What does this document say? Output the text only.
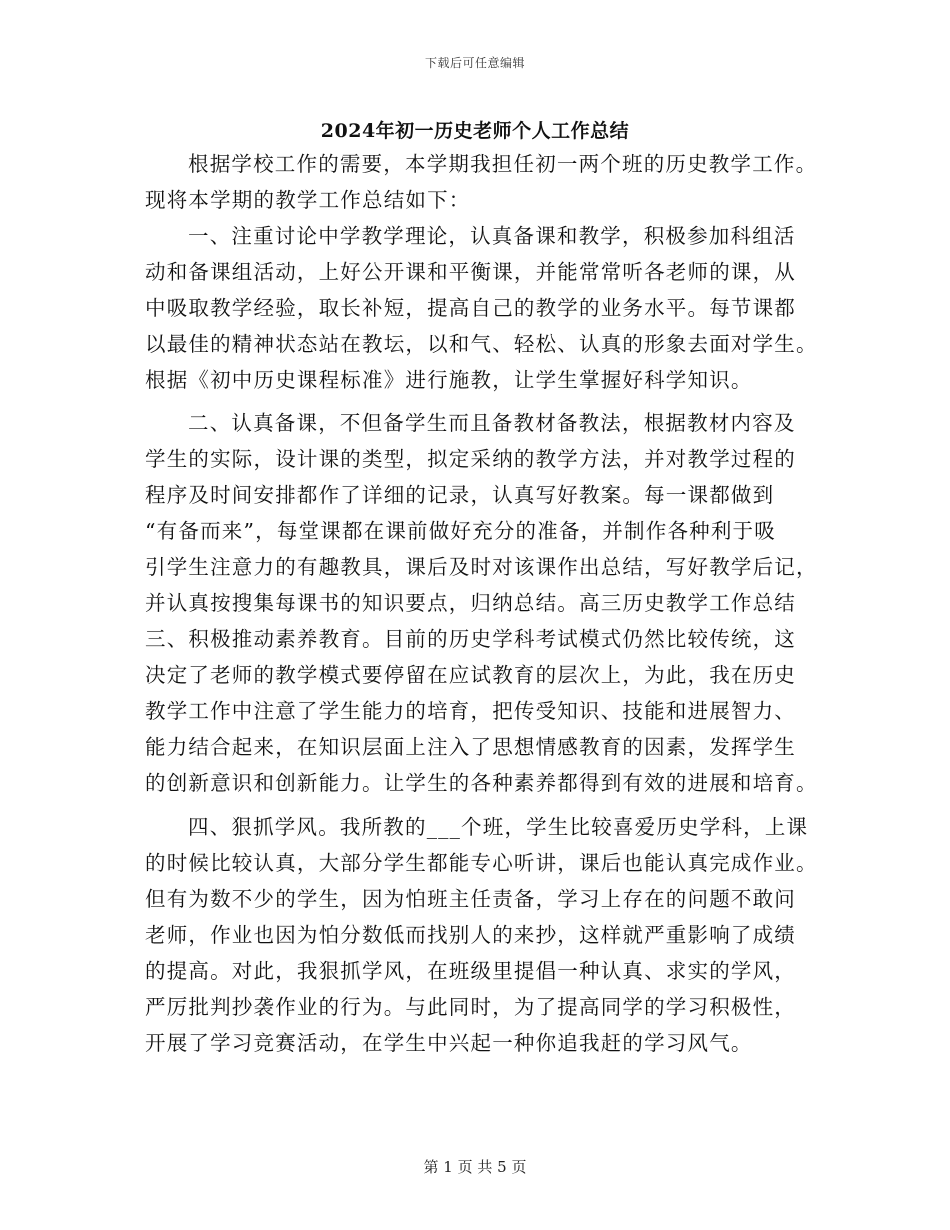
下载后可任意编辑
2024年初一历史老师个人工作总结
根据学校工作的需要，本学期我担任初一两个班的历史教学工作。
现将本学期的教学工作总结如下：
一、注重讨论中学教学理论，认真备课和教学，积极参加科组活
动和备课组活动，上好公开课和平衡课，并能常常听各老师的课，从
中吸取教学经验，取长补短，提高自己的教学的业务水平。每节课都
以最佳的精神状态站在教坛，以和气、轻松、认真的形象去面对学生。
根据《初中历史课程标准》进行施教，让学生掌握好科学知识。
二、认真备课，不但备学生而且备教材备教法，根据教材内容及
学生的实际，设计课的类型，拟定采纳的教学方法，并对教学过程的
程序及时间安排都作了详细的记录，认真写好教案。每一课都做到
“有备而来”，每堂课都在课前做好充分的准备，并制作各种利于吸
引学生注意力的有趣教具，课后及时对该课作出总结，写好教学后记，
并认真按搜集每课书的知识要点，归纳总结。高三历史教学工作总结
三、积极推动素养教育。目前的历史学科考试模式仍然比较传统，这
决定了老师的教学模式要停留在应试教育的层次上，为此，我在历史
教学工作中注意了学生能力的培育，把传受知识、技能和进展智力、
能力结合起来，在知识层面上注入了思想情感教育的因素，发挥学生
的创新意识和创新能力。让学生的各种素养都得到有效的进展和培育。
四、狠抓学风。我所教的___个班，学生比较喜爱历史学科，上课
的时候比较认真，大部分学生都能专心听讲，课后也能认真完成作业。
但有为数不少的学生，因为怕班主任责备，学习上存在的问题不敢问
老师，作业也因为怕分数低而找别人的来抄，这样就严重影响了成绩
的提高。对此，我狠抓学风，在班级里提倡一种认真、求实的学风，
严厉批判抄袭作业的行为。与此同时，为了提高同学的学习积极性，
开展了学习竞赛活动，在学生中兴起一种你追我赶的学习风气。
第 1 页 共 5 页
